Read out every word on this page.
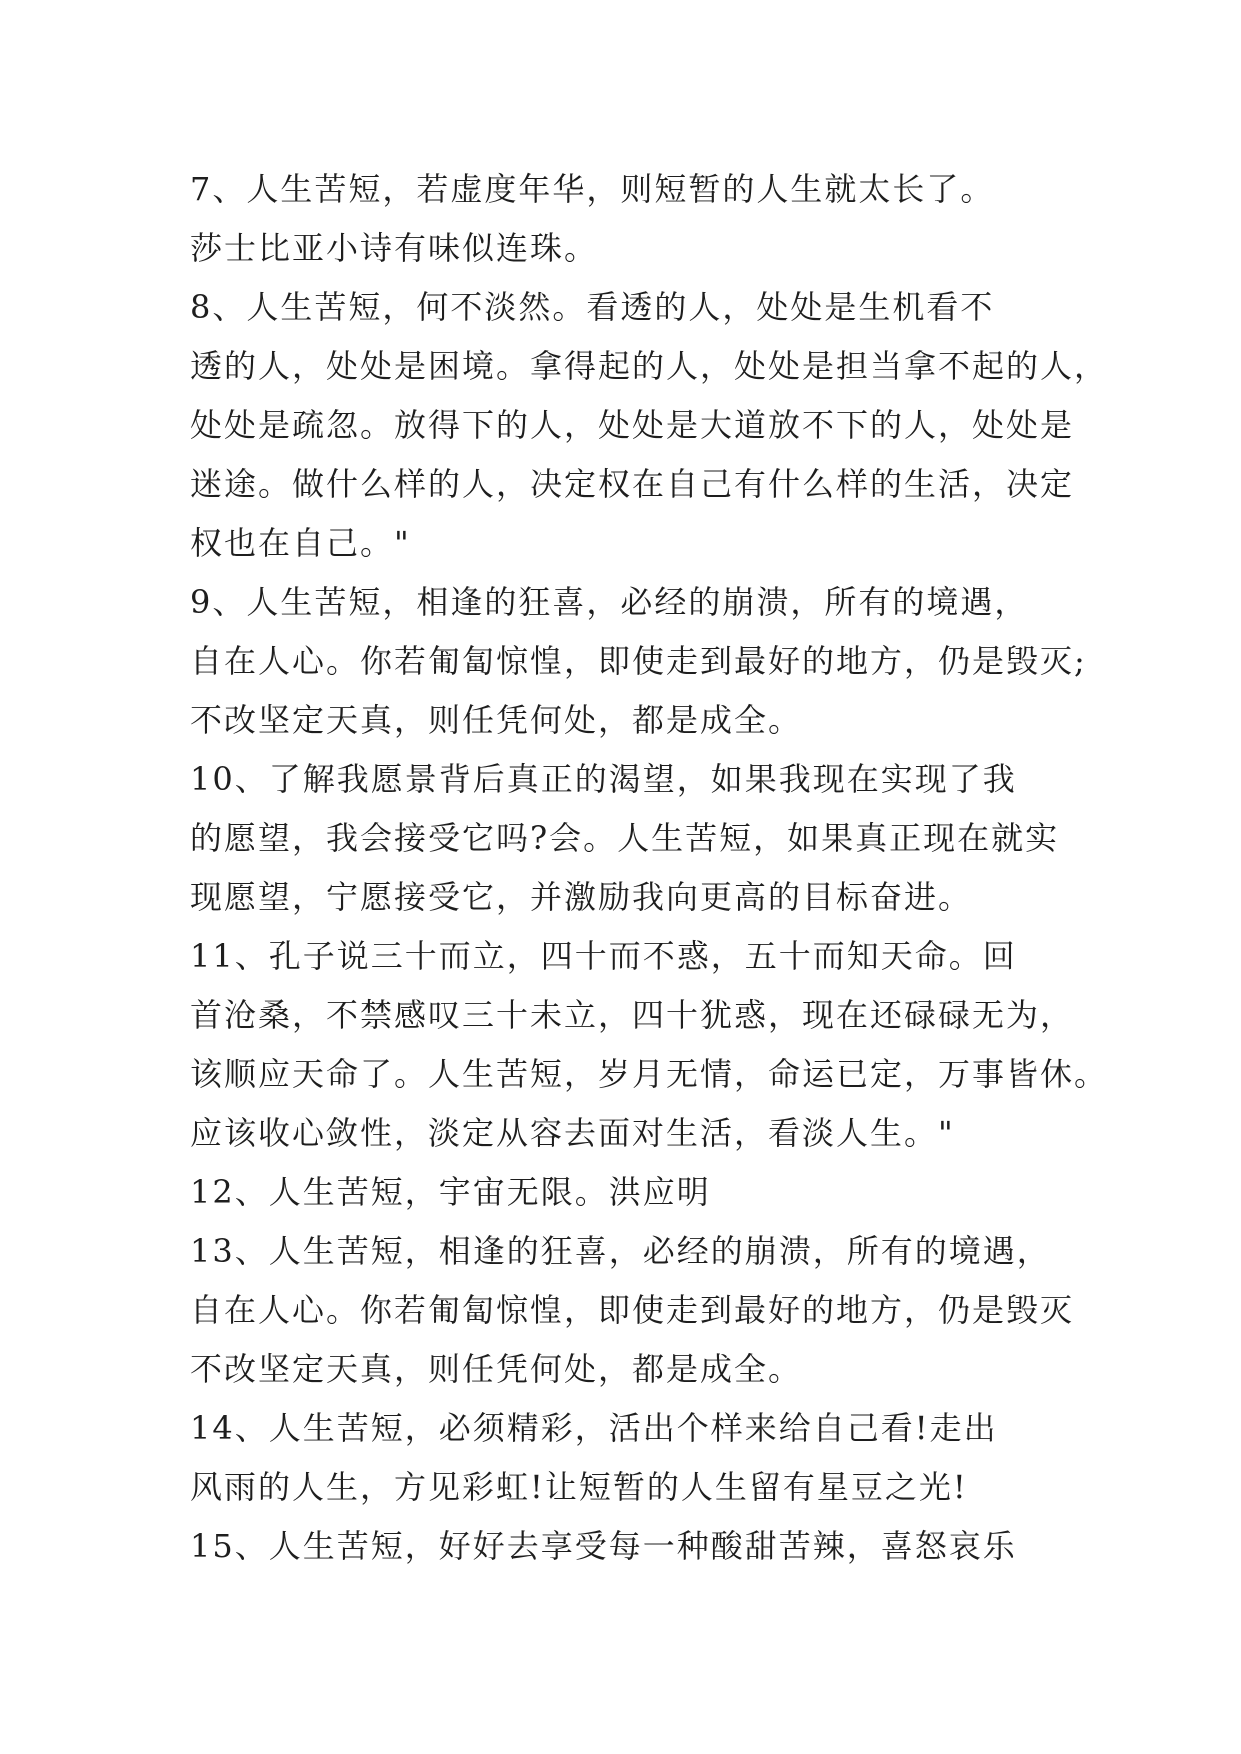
7、人生苦短，若虚度年华，则短暂的人生就太长了。
莎士比亚小诗有味似连珠。
8、人生苦短，何不淡然。看透的人，处处是生机看不
透的人，处处是困境。拿得起的人，处处是担当拿不起的人，
处处是疏忽。放得下的人，处处是大道放不下的人，处处是
迷途。做什么样的人，决定权在自己有什么样的生活，决定
权也在自己。"
9、人生苦短，相逢的狂喜，必经的崩溃，所有的境遇，
自在人心。你若匍匐惊惶，即使走到最好的地方，仍是毁灭;
不改坚定天真，则任凭何处，都是成全。
10、了解我愿景背后真正的渴望，如果我现在实现了我
的愿望，我会接受它吗?会。人生苦短，如果真正现在就实
现愿望，宁愿接受它，并激励我向更高的目标奋进。
11、孔子说三十而立，四十而不惑，五十而知天命。回
首沧桑，不禁感叹三十未立，四十犹惑，现在还碌碌无为，
该顺应天命了。人生苦短，岁月无情，命运已定，万事皆休。
应该收心敛性，淡定从容去面对生活，看淡人生。"
12、人生苦短，宇宙无限。洪应明
13、人生苦短，相逢的狂喜，必经的崩溃，所有的境遇，
自在人心。你若匍匐惊惶，即使走到最好的地方，仍是毁灭
不改坚定天真，则任凭何处，都是成全。
14、人生苦短，必须精彩，活出个样来给自己看!走出
风雨的人生，方见彩虹!让短暂的人生留有星豆之光!
15、人生苦短，好好去享受每一种酸甜苦辣，喜怒哀乐
